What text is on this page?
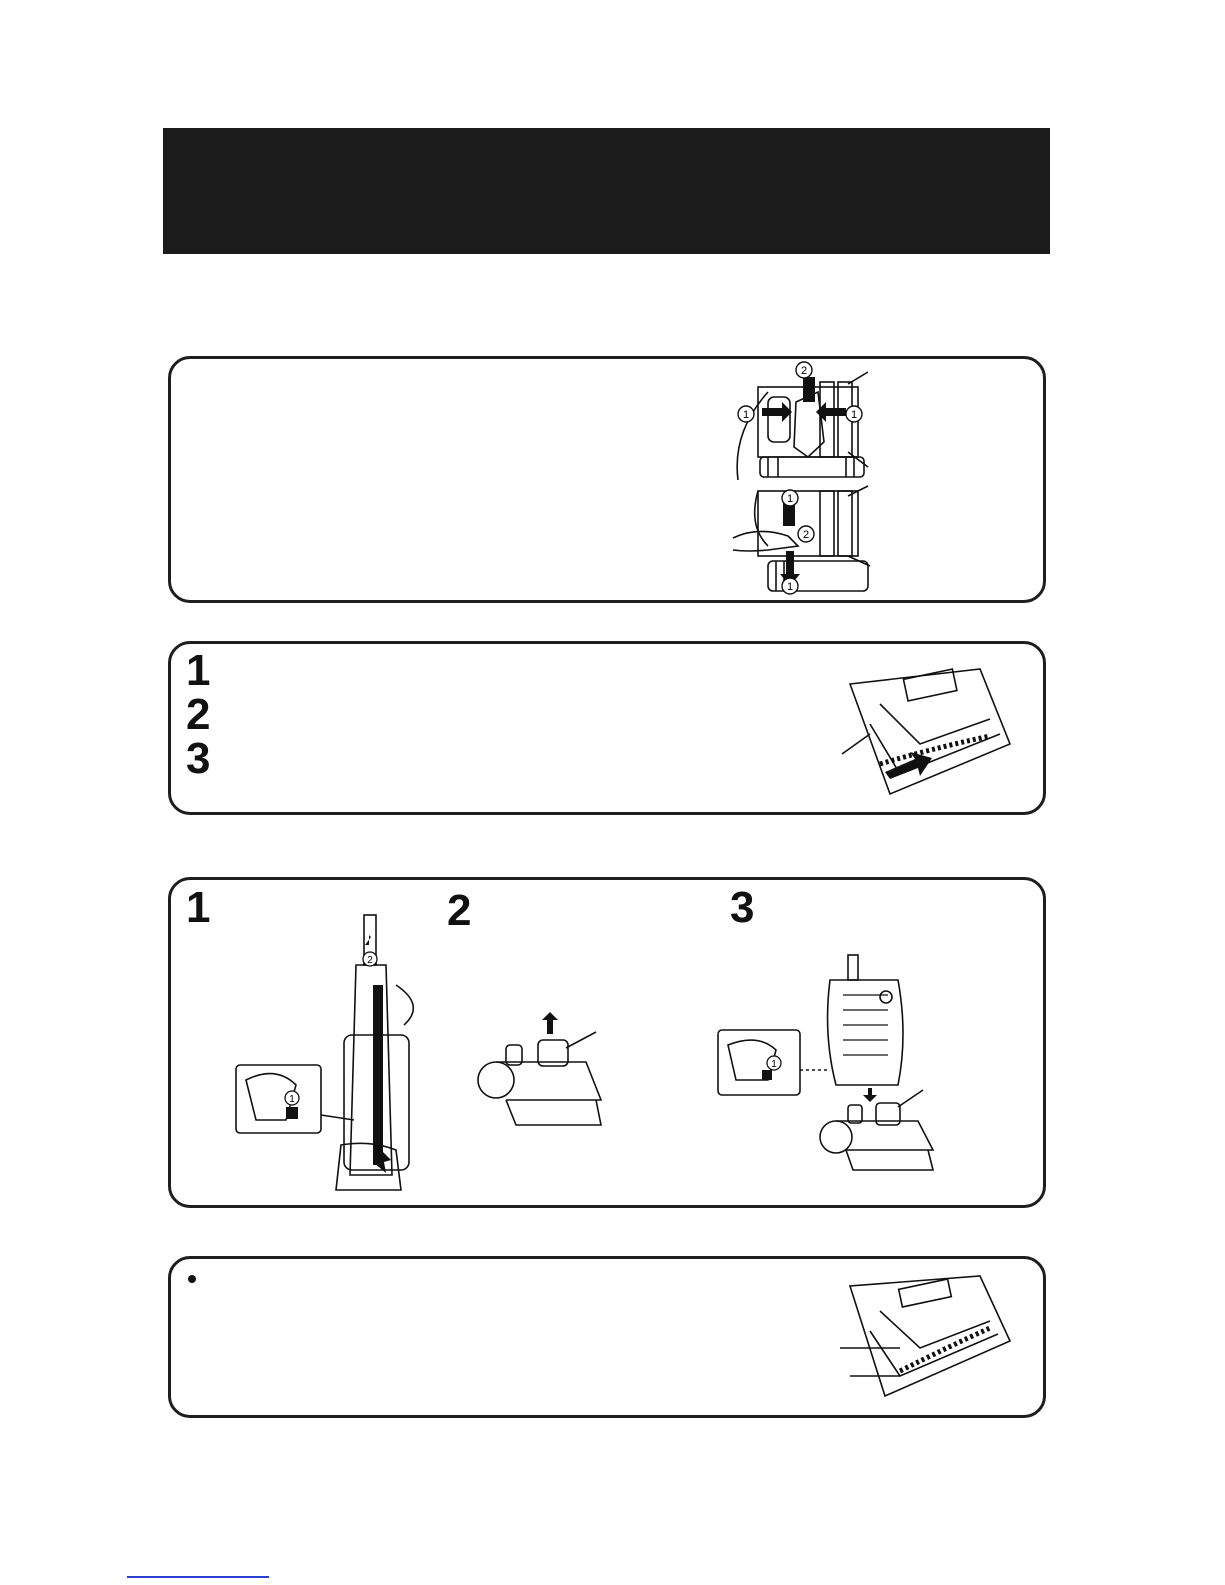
1
2
1
1
2
1
1
2
3
1	2	3
2
1
1
